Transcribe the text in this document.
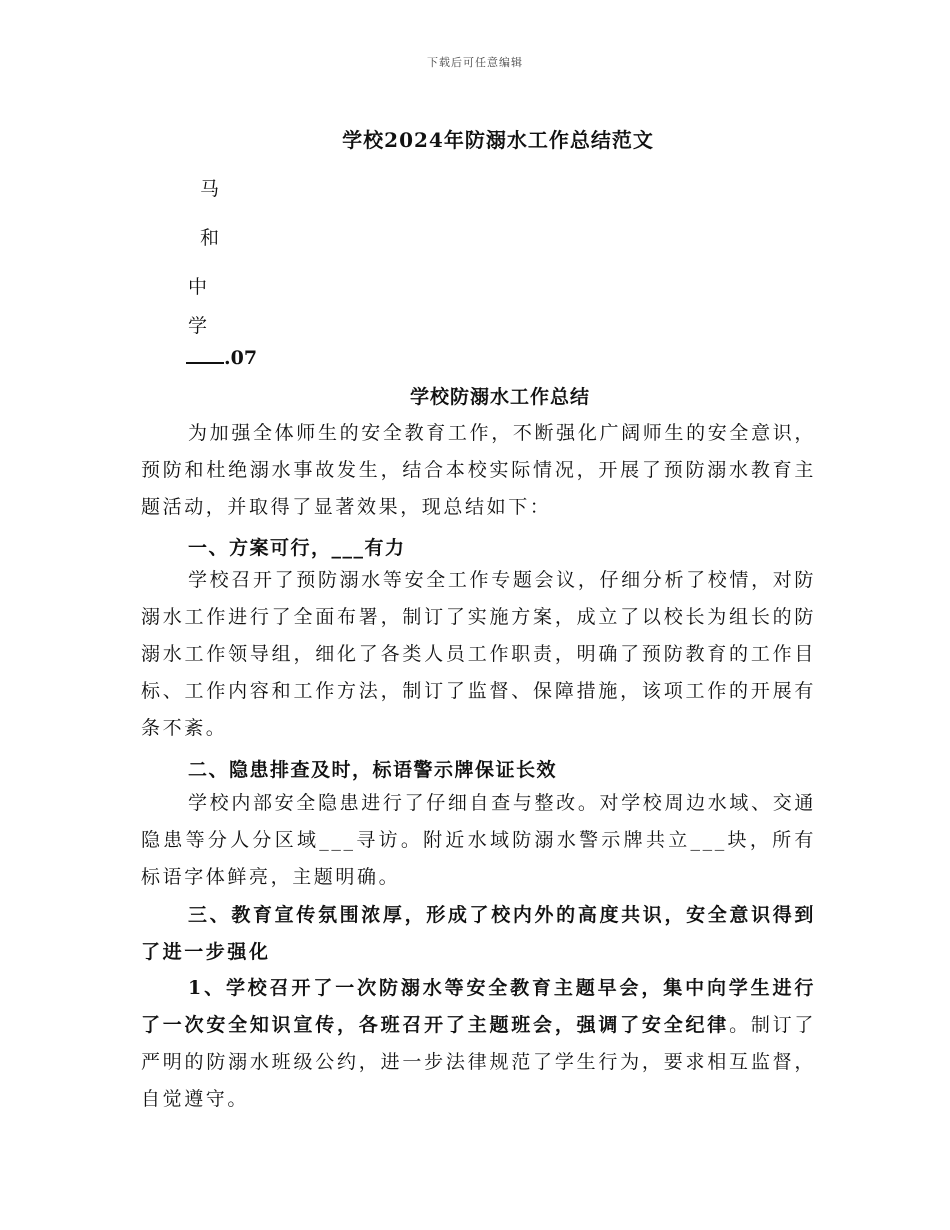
下载后可任意编辑
学校2024年防溺水工作总结范文
马
和
中
学
.07
学校防溺水工作总结
为加强全体师生的安全教育工作，不断强化广阔师生的安全意识，预防和杜绝溺水事故发生，结合本校实际情况，开展了预防溺水教育主题活动，并取得了显著效果，现总结如下：
一、方案可行，___有力
学校召开了预防溺水等安全工作专题会议，仔细分析了校情，对防溺水工作进行了全面布署，制订了实施方案，成立了以校长为组长的防溺水工作领导组，细化了各类人员工作职责，明确了预防教育的工作目标、工作内容和工作方法，制订了监督、保障措施，该项工作的开展有条不紊。
二、隐患排查及时，标语警示牌保证长效
学校内部安全隐患进行了仔细自查与整改。对学校周边水域、交通隐患等分人分区域___寻访。附近水域防溺水警示牌共立___块，所有标语字体鲜亮，主题明确。
三、教育宣传氛围浓厚，形成了校内外的高度共识，安全意识得到了进一步强化
1、学校召开了一次防溺水等安全教育主题早会，集中向学生进行了一次安全知识宣传，各班召开了主题班会，强调了安全纪律。制订了严明的防溺水班级公约，进一步法律规范了学生行为，要求相互监督，自觉遵守。
